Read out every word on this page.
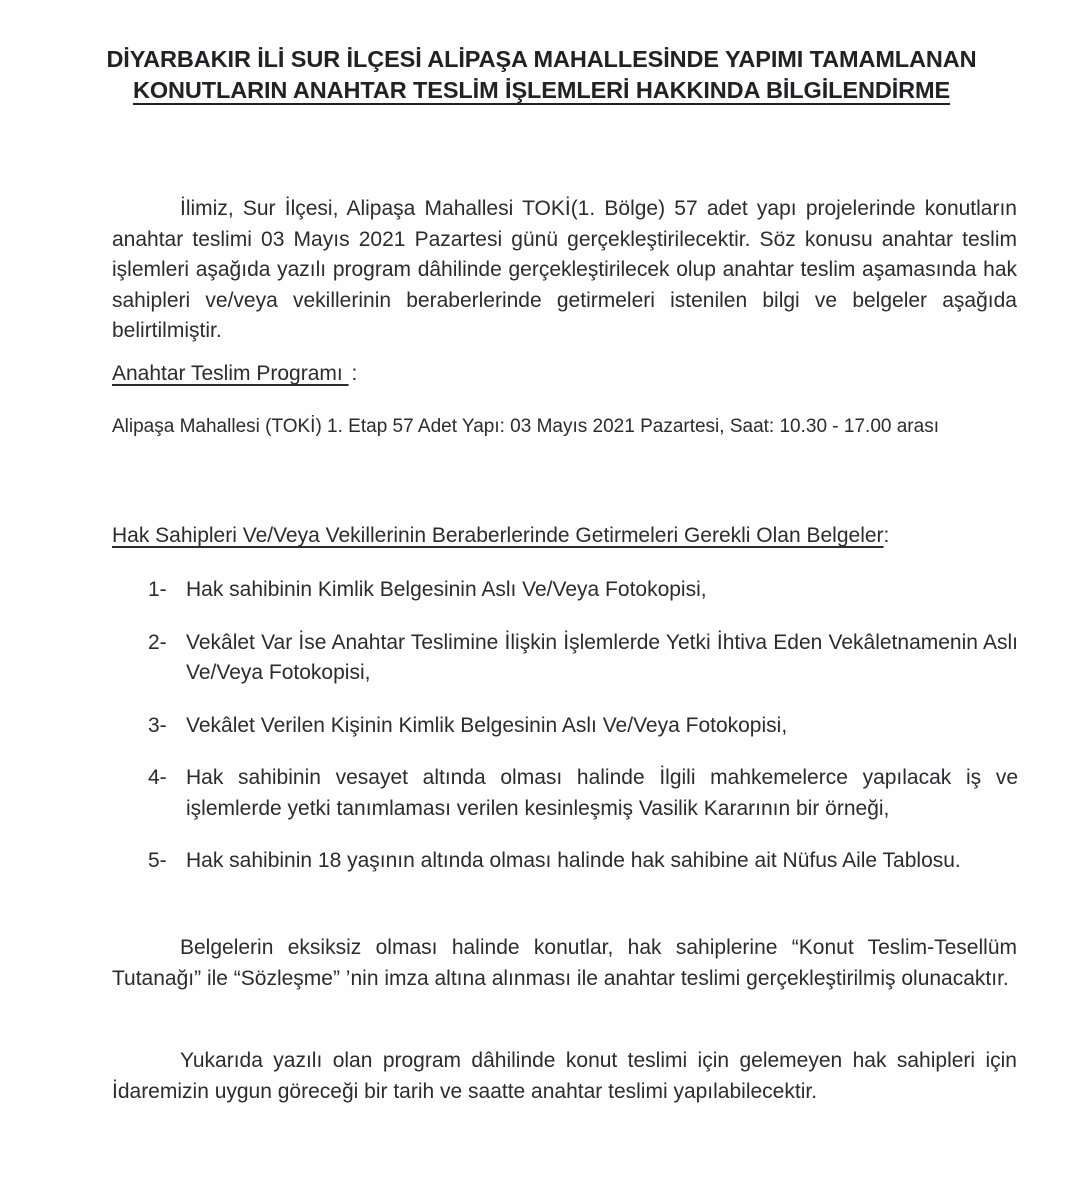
DİYARBAKIR İLİ SUR İLÇESİ ALİPAŞA MAHALLESİNDE YAPIMI TAMAMLANAN
KONUTLARIN ANAHTAR TESLİM İŞLEMLERİ HAKKINDA BİLGİLENDİRME

İlimiz, Sur İlçesi, Alipaşa Mahallesi TOKİ(1. Bölge) 57 adet yapı projelerinde konutların anahtar teslimi 03 Mayıs 2021 Pazartesi günü gerçekleştirilecektir. Söz konusu anahtar teslim işlemleri aşağıda yazılı program dâhilinde gerçekleştirilecek olup anahtar teslim aşamasında hak sahipleri ve/veya vekillerinin beraberlerinde getirmeleri istenilen bilgi ve belgeler aşağıda belirtilmiştir.

Anahtar Teslim Programı :

Alipaşa Mahallesi (TOKİ) 1. Etap 57 Adet Yapı: 03 Mayıs 2021 Pazartesi, Saat: 10.30 - 17.00 arası

Hak Sahipleri Ve/Veya Vekillerinin Beraberlerinde Getirmeleri Gerekli Olan Belgeler:

1- Hak sahibinin Kimlik Belgesinin Aslı Ve/Veya Fotokopisi,
2- Vekâlet Var İse Anahtar Teslimine İlişkin İşlemlerde Yetki İhtiva Eden Vekâletnamenin Aslı Ve/Veya Fotokopisi,
3- Vekâlet Verilen Kişinin Kimlik Belgesinin Aslı Ve/Veya Fotokopisi,
4- Hak sahibinin vesayet altında olması halinde İlgili mahkemelerce yapılacak iş ve işlemlerde yetki tanımlaması verilen kesinleşmiş Vasilik Kararının bir örneği,
5- Hak sahibinin 18 yaşının altında olması halinde hak sahibine ait Nüfus Aile Tablosu.

Belgelerin eksiksiz olması halinde konutlar, hak sahiplerine “Konut Teslim-Tesellüm Tutanağı” ile “Sözleşme” ’nin imza altına alınması ile anahtar teslimi gerçekleştirilmiş olunacaktır.

Yukarıda yazılı olan program dâhilinde konut teslimi için gelemeyen hak sahipleri için İdaremizin uygun göreceği bir tarih ve saatte anahtar teslimi yapılabilecektir.
